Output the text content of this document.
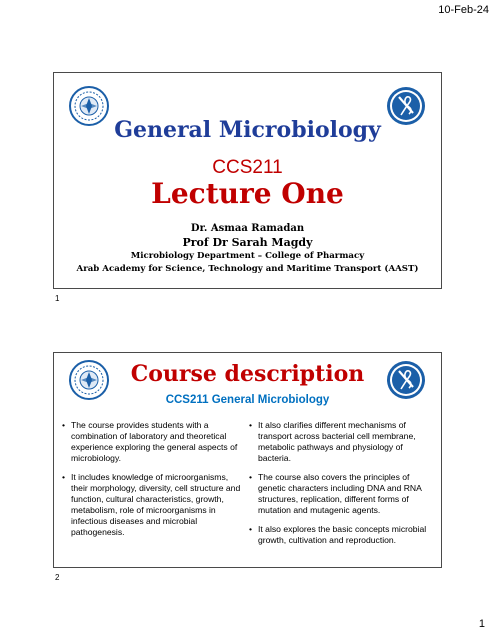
10-Feb-24
General Microbiology
CCS211
Lecture One
Dr. Asmaa Ramadan
Prof Dr Sarah Magdy
Microbiology Department – College of Pharmacy
Arab Academy for Science, Technology and Maritime Transport (AAST)
1
Course description
CCS211 General Microbiology
• The course provides students with a combination of laboratory and theoretical experience exploring the general aspects of microbiology.
• It includes knowledge of microorganisms, their morphology, diversity, cell structure and function, cultural characteristics, growth, metabolism, role of microorganisms in infectious diseases and microbial pathogenesis.
• It also clarifies different mechanisms of transport across bacterial cell membrane, metabolic pathways and physiology of bacteria.
• The course also covers the principles of genetic characters including DNA and RNA structures, replication, different forms of mutation and mutagenic agents.
• It also explores the basic concepts microbial growth, cultivation and reproduction.
2
1
